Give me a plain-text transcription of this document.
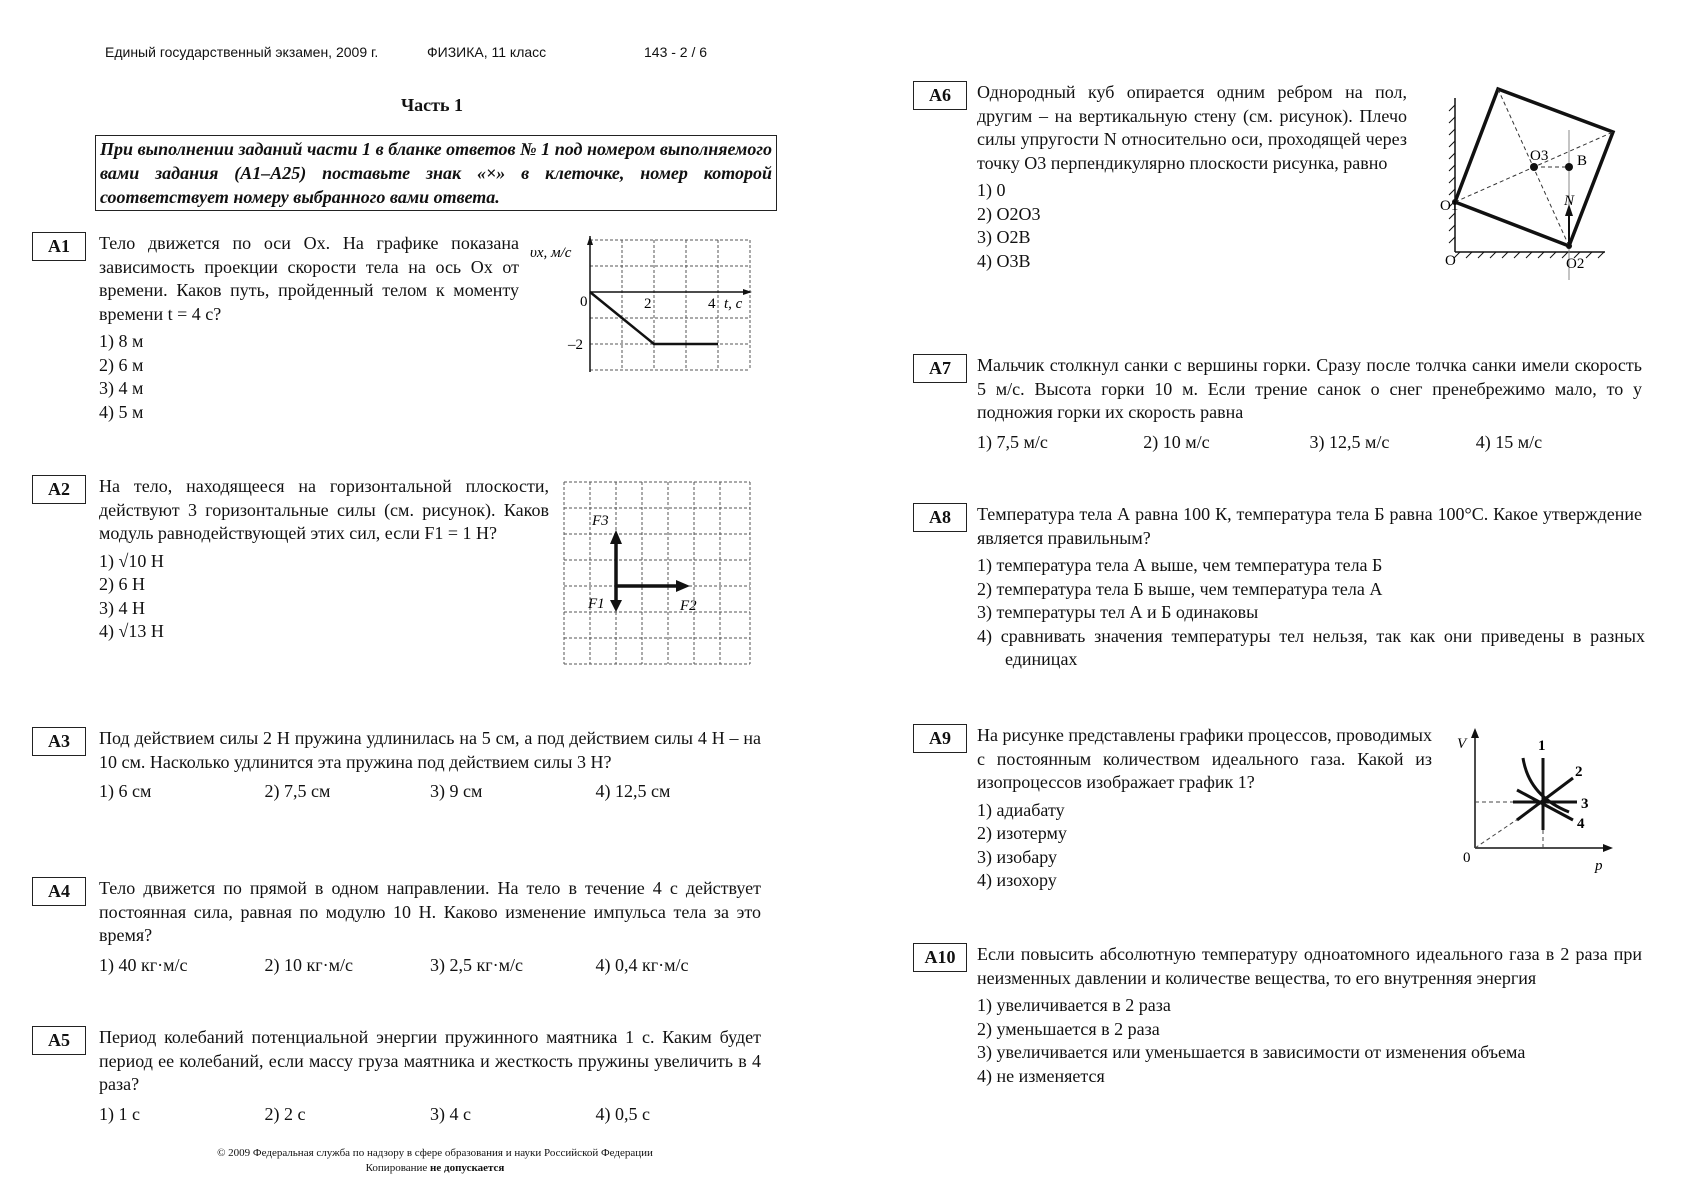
Единый государственный экзамен, 2009 г.	ФИЗИКА, 11 класс	143 - 2 / 6
Часть 1
При выполнении заданий части 1 в бланке ответов № 1 под номером выполняемого вами задания (А1–А25) поставьте знак «×» в клеточке, номер которой соответствует номеру выбранного вами ответа.
А1	Тело движется по оси Ox. На графике показана зависимость проекции скорости тела на ось Ox от времени. Каков путь, пройденный телом к моменту времени t = 4 с?
1) 8 м
2) 6 м
3) 4 м
4) 5 м
υx, м/с
0	2	4 t, с
–2
А2	На тело, находящееся на горизонтальной плоскости, действуют 3 горизонтальные силы (см. рисунок). Каков модуль равнодействующей этих сил, если F1 = 1 Н?
1) √10 Н
2) 6 Н
3) 4 Н
4) √13 Н
F3
F1	F2
А3	Под действием силы 2 Н пружина удлинилась на 5 см, а под действием силы 4 Н – на 10 см. Насколько удлинится эта пружина под действием силы 3 Н?
1) 6 см	2) 7,5 см	3) 9 см	4) 12,5 см
А4	Тело движется по прямой в одном направлении. На тело в течение 4 с действует постоянная сила, равная по модулю 10 Н. Каково изменение импульса тела за это время?
1) 40 кг·м/с	2) 10 кг·м/с	3) 2,5 кг·м/с	4) 0,4 кг·м/с
А5	Период колебаний потенциальной энергии пружинного маятника 1 с. Каким будет период ее колебаний, если массу груза маятника и жесткость пружины увеличить в 4 раза?
1) 1 с	2) 2 с	3) 4 с	4) 0,5 с
© 2009 Федеральная служба по надзору в сфере образования и науки Российской Федерации
Копирование не допускается
А6	Однородный куб опирается одним ребром на пол, другим – на вертикальную стену (см. рисунок). Плечо силы упругости N относительно оси, проходящей через точку O3 перпендикулярно плоскости рисунка, равно
1) 0
2) O2O3
3) O2B
4) O3B
O3 B
N
O1
O	O2
А7	Мальчик столкнул санки с вершины горки. Сразу после толчка санки имели скорость 5 м/с. Высота горки 10 м. Если трение санок о снег пренебрежимо мало, то у подножия горки их скорость равна
1) 7,5 м/с	2) 10 м/с	3) 12,5 м/с	4) 15 м/с
А8	Температура тела А равна 100 К, температура тела Б равна 100°С. Какое утверждение является правильным?
1) температура тела А выше, чем температура тела Б
2) температура тела Б выше, чем температура тела А
3) температуры тел А и Б одинаковы
4) сравнивать значения температуры тел нельзя, так как они приведены в разных единицах
А9	На рисунке представлены графики процессов, проводимых с постоянным количеством идеального газа. Какой из изопроцессов изображает график 1?
1) адиабату
2) изотерму
3) изобару
4) изохору
V
p
0
1
2
3
4
А10	Если повысить абсолютную температуру одноатомного идеального газа в 2 раза при неизменных давлении и количестве вещества, то его внутренняя энергия
1) увеличивается в 2 раза
2) уменьшается в 2 раза
3) увеличивается или уменьшается в зависимости от изменения объема
4) не изменяется
